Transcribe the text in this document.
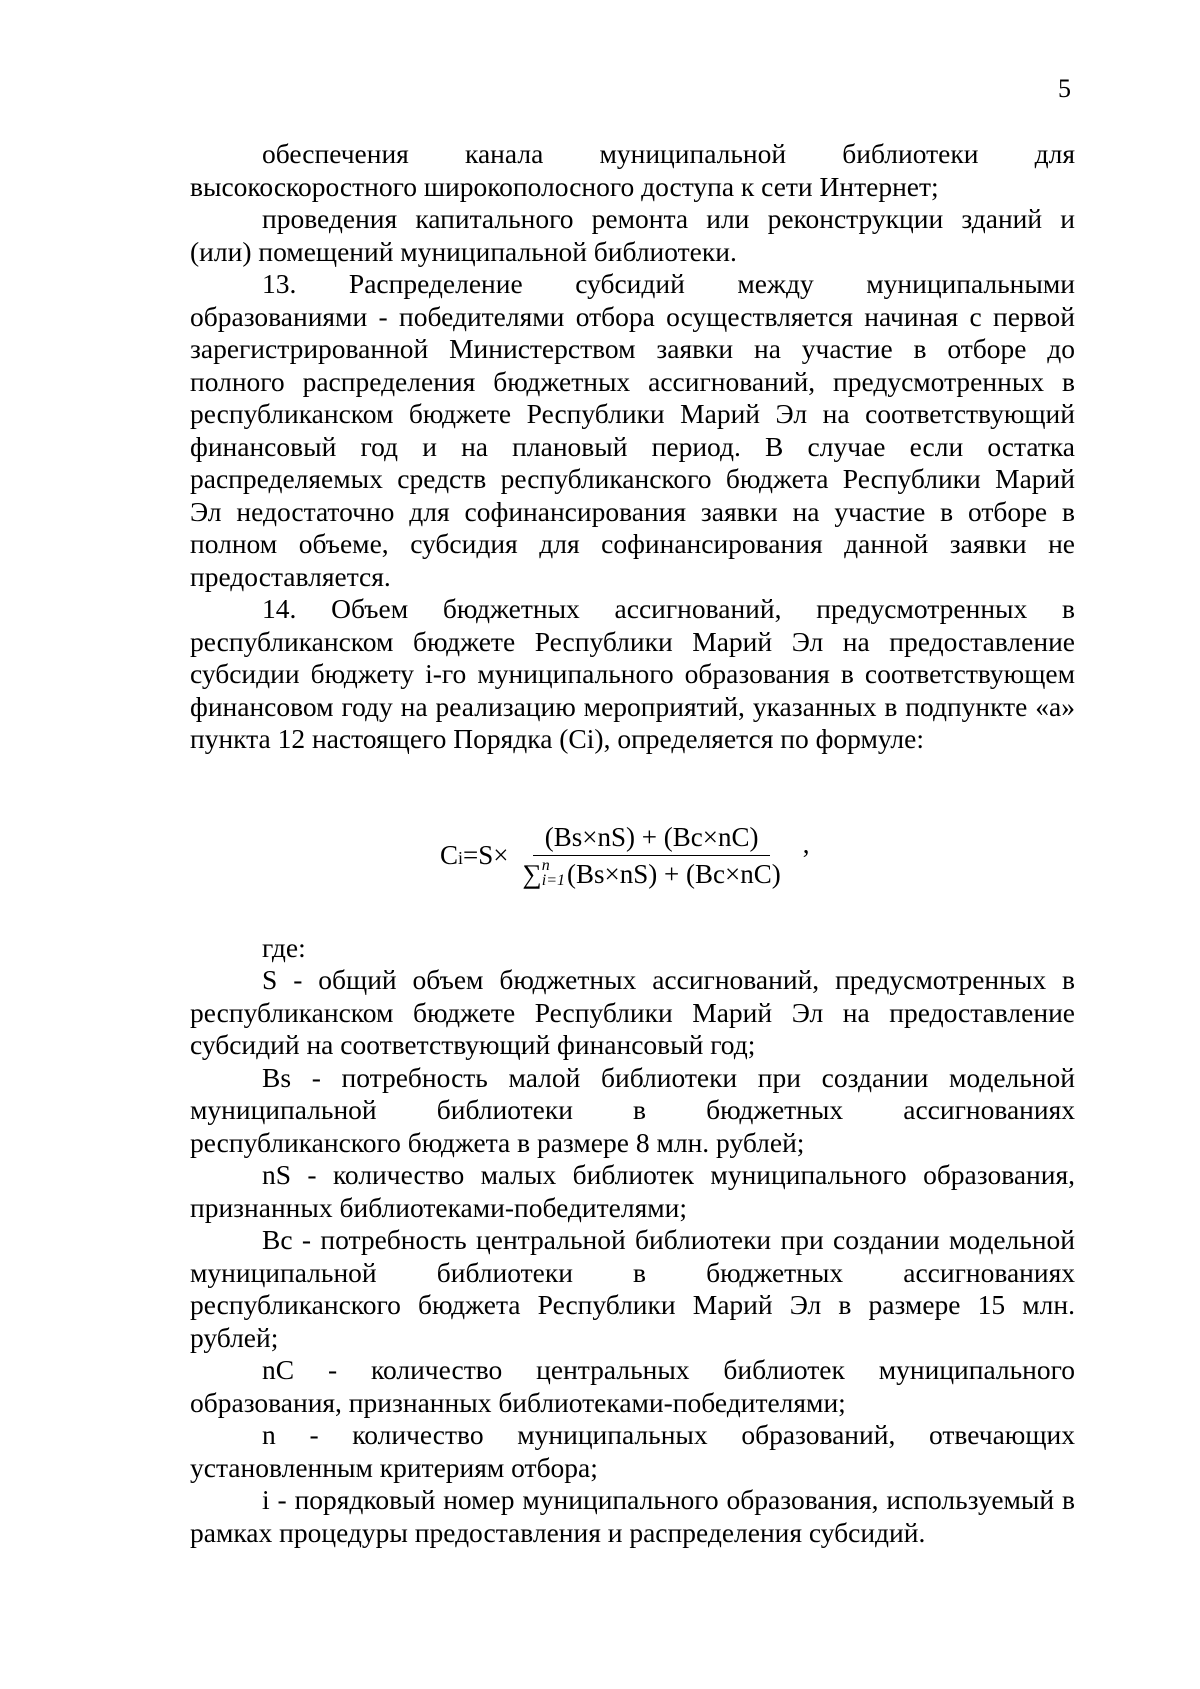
5

обеспечения канала муниципальной библиотеки для высокоскоростного широкополосного доступа к сети Интернет;

проведения капитального ремонта или реконструкции зданий и (или) помещений муниципальной библиотеки.

13. Распределение субсидий между муниципальными образованиями - победителями отбора осуществляется начиная с первой зарегистрированной Министерством заявки на участие в отборе до полного распределения бюджетных ассигнований, предусмотренных в республиканском бюджете Республики Марий Эл на соответствующий финансовый год и на плановый период. В случае если остатка распределяемых средств республиканского бюджета Республики Марий Эл недостаточно для софинансирования заявки на участие в отборе в полном объеме, субсидия для софинансирования данной заявки не предоставляется.

14. Объем бюджетных ассигнований, предусмотренных в республиканском бюджете Республики Марий Эл на предоставление субсидии бюджету i-го муниципального образования в соответствующем финансовом году на реализацию мероприятий, указанных в подпункте «а» пункта 12 настоящего Порядка (Ci), определяется по формуле:

C i =S×
(Bs×nS) + (Bc×nC)
∑ n
i=1 (Bs×nS) + (Bc×nC)
,

где:

S - общий объем бюджетных ассигнований, предусмотренных в республиканском бюджете Республики Марий Эл на предоставление субсидий на соответствующий финансовый год;

Bs - потребность малой библиотеки при создании модельной муниципальной библиотеки в бюджетных ассигнованиях республиканского бюджета в размере 8 млн. рублей;

nS - количество малых библиотек муниципального образования, признанных библиотеками-победителями;

Bc - потребность центральной библиотеки при создании модельной муниципальной библиотеки в бюджетных ассигнованиях республиканского бюджета Республики Марий Эл в размере 15 млн. рублей;

nC - количество центральных библиотек муниципального образования, признанных библиотеками-победителями;

n - количество муниципальных образований, отвечающих установленным критериям отбора;

i - порядковый номер муниципального образования, используемый в рамках процедуры предоставления и распределения субсидий.
